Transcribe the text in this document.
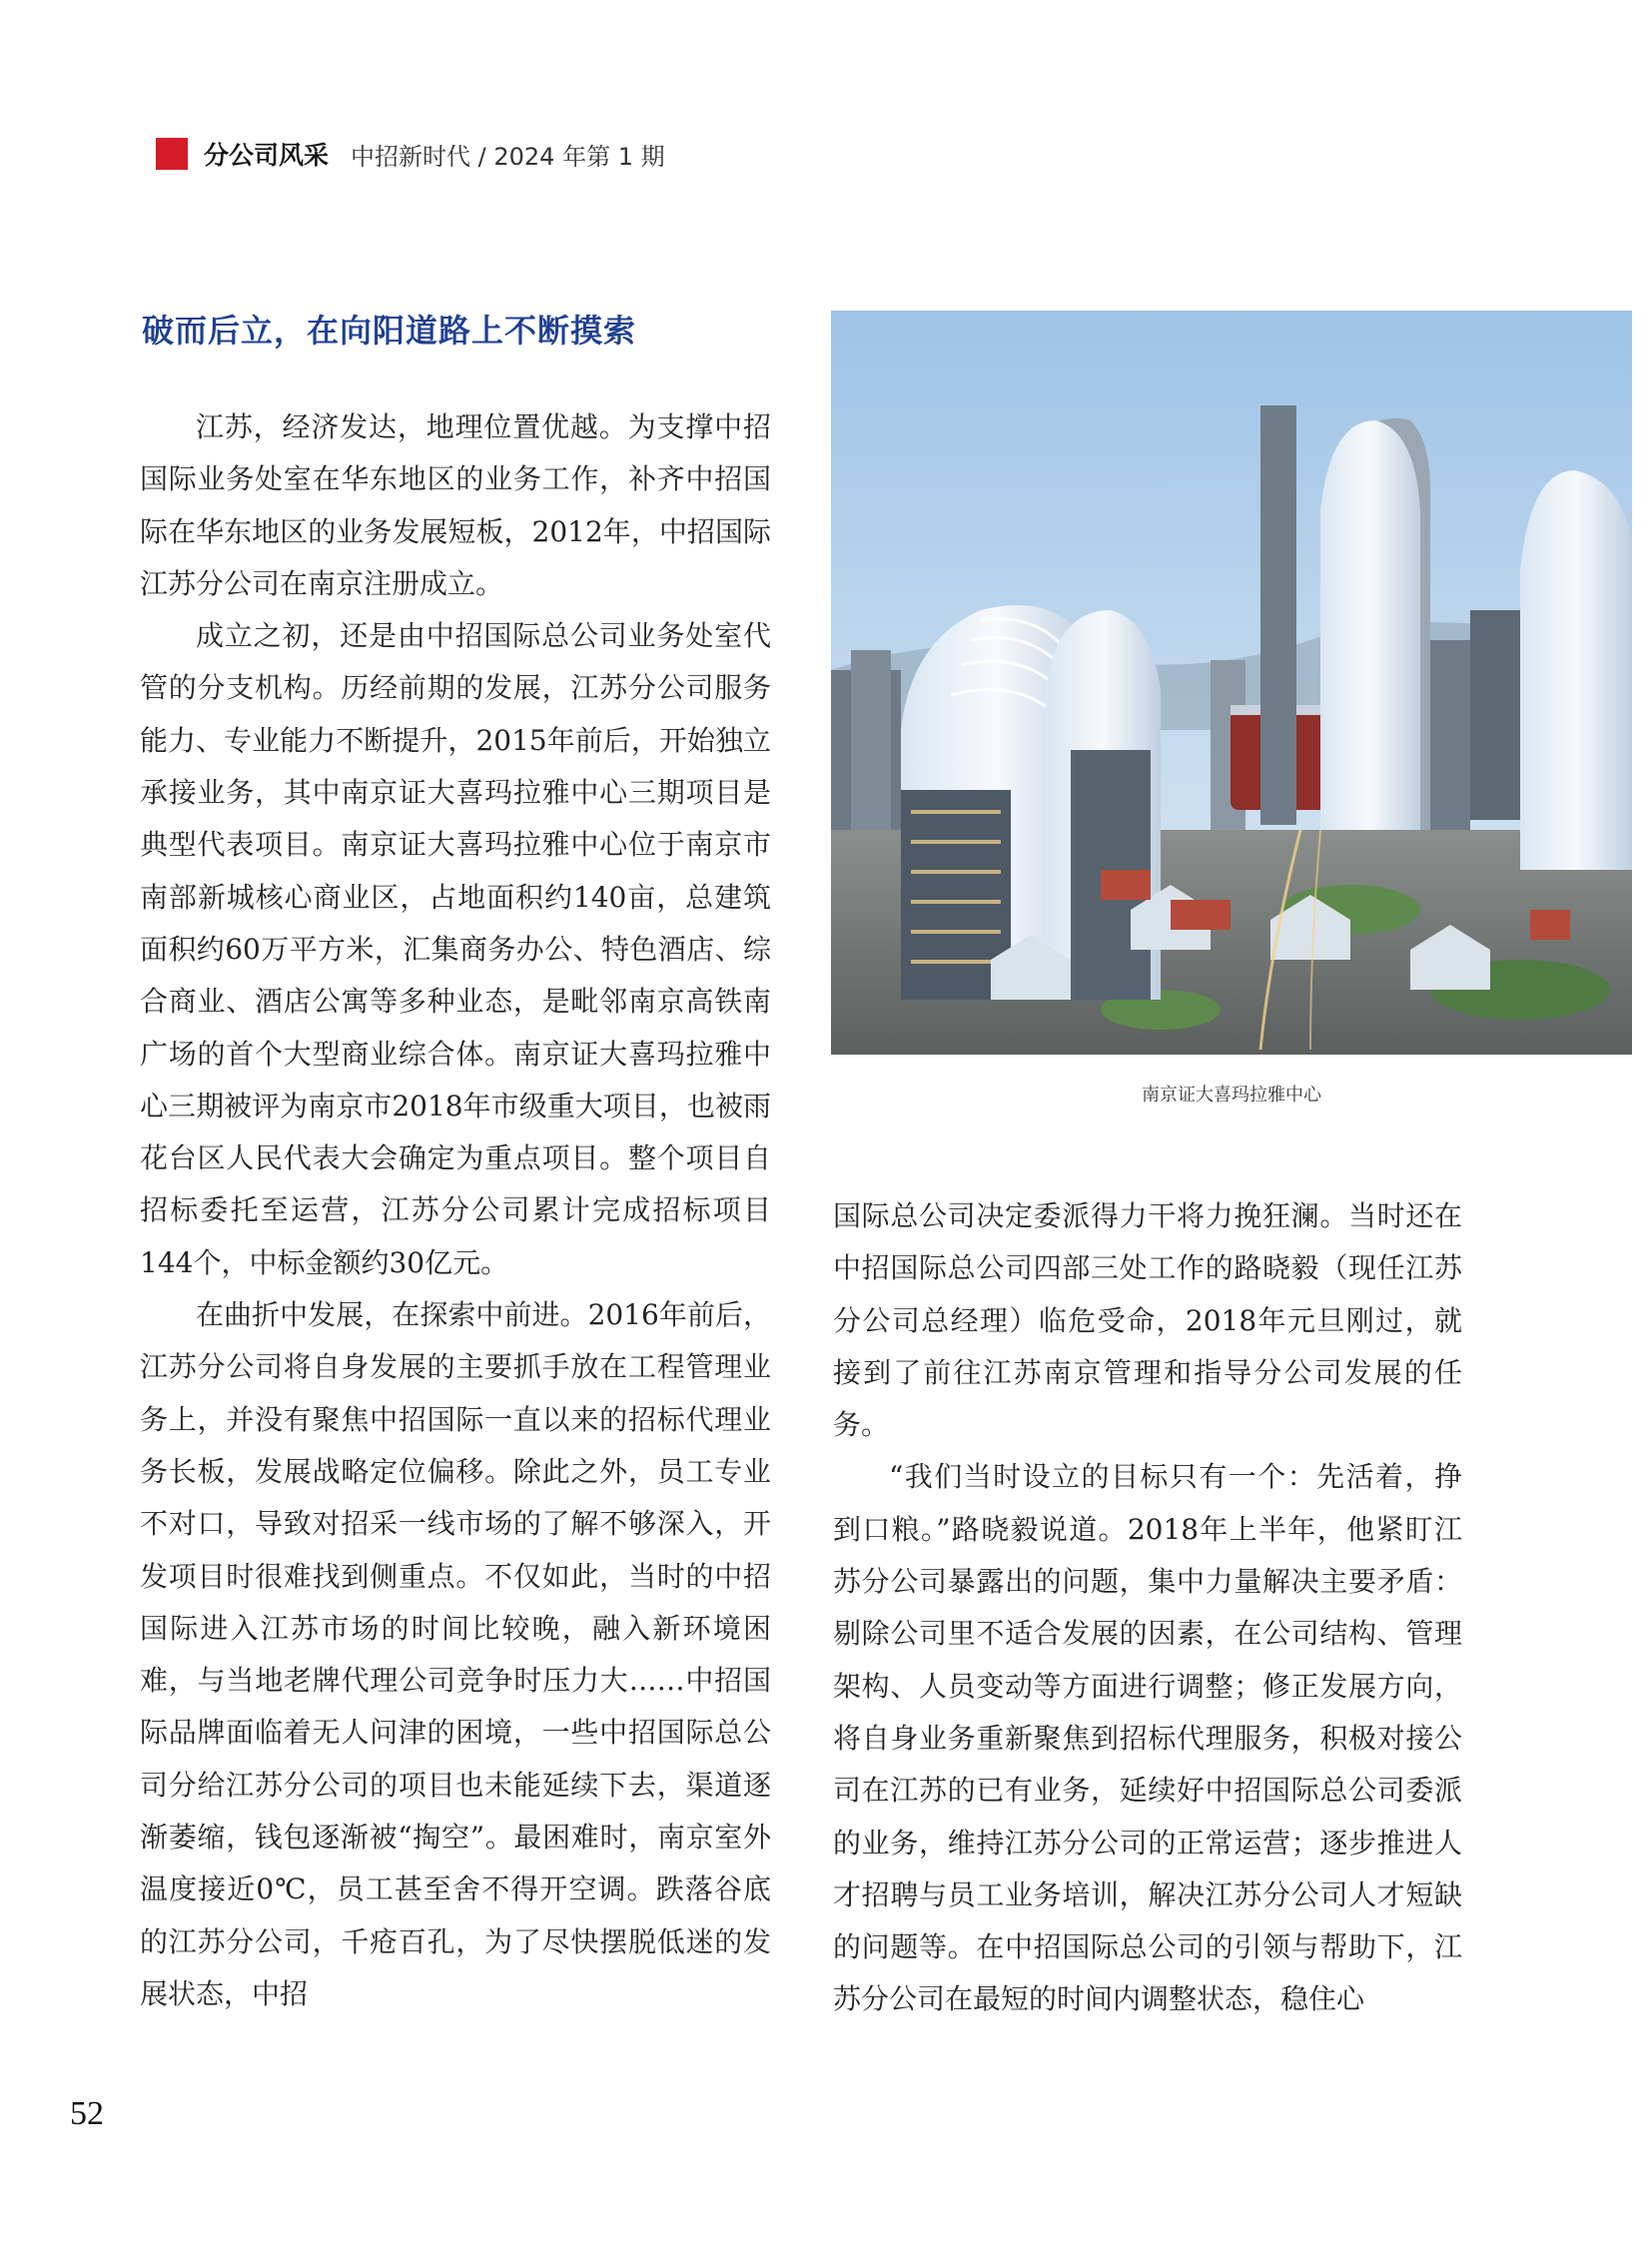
分公司风采 中招新时代 / 2024 年第 1 期
破而后立，在向阳道路上不断摸索

江苏，经济发达，地理位置优越。为支撑中招国际业务处室在华东地区的业务工作，补齐中招国际在华东地区的业务发展短板，2012年，中招国际江苏分公司在南京注册成立。

成立之初，还是由中招国际总公司业务处室代管的分支机构。历经前期的发展，江苏分公司服务能力、专业能力不断提升，2015年前后，开始独立承接业务，其中南京证大喜玛拉雅中心三期项目是典型代表项目。南京证大喜玛拉雅中心位于南京市南部新城核心商业区，占地面积约140亩，总建筑面积约60万平方米，汇集商务办公、特色酒店、综合商业、酒店公寓等多种业态，是毗邻南京高铁南广场的首个大型商业综合体。南京证大喜玛拉雅中心三期被评为南京市2018年市级重大项目，也被雨花台区人民代表大会确定为重点项目。整个项目自招标委托至运营，江苏分公司累计完成招标项目144个，中标金额约30亿元。

在曲折中发展，在探索中前进。2016年前后，江苏分公司将自身发展的主要抓手放在工程管理业务上，并没有聚焦中招国际一直以来的招标代理业务长板，发展战略定位偏移。除此之外，员工专业不对口，导致对招采一线市场的了解不够深入，开发项目时很难找到侧重点。不仅如此，当时的中招国际进入江苏市场的时间比较晚，融入新环境困难，与当地老牌代理公司竞争时压力大……中招国际品牌面临着无人问津的困境，一些中招国际总公司分给江苏分公司的项目也未能延续下去，渠道逐渐萎缩，钱包逐渐被“掏空”。最困难时，南京室外温度接近0℃，员工甚至舍不得开空调。跌落谷底的江苏分公司，千疮百孔，为了尽快摆脱低迷的发展状态，中招

南京证大喜玛拉雅中心

国际总公司决定委派得力干将力挽狂澜。当时还在中招国际总公司四部三处工作的路晓毅（现任江苏分公司总经理）临危受命，2018年元旦刚过，就接到了前往江苏南京管理和指导分公司发展的任务。

“我们当时设立的目标只有一个：先活着，挣到口粮。”路晓毅说道。2018年上半年，他紧盯江苏分公司暴露出的问题，集中力量解决主要矛盾：剔除公司里不适合发展的因素，在公司结构、管理架构、人员变动等方面进行调整；修正发展方向，将自身业务重新聚焦到招标代理服务，积极对接公司在江苏的已有业务，延续好中招国际总公司委派的业务，维持江苏分公司的正常运营；逐步推进人才招聘与员工业务培训，解决江苏分公司人才短缺的问题等。在中招国际总公司的引领与帮助下，江苏分公司在最短的时间内调整状态，稳住心

52
